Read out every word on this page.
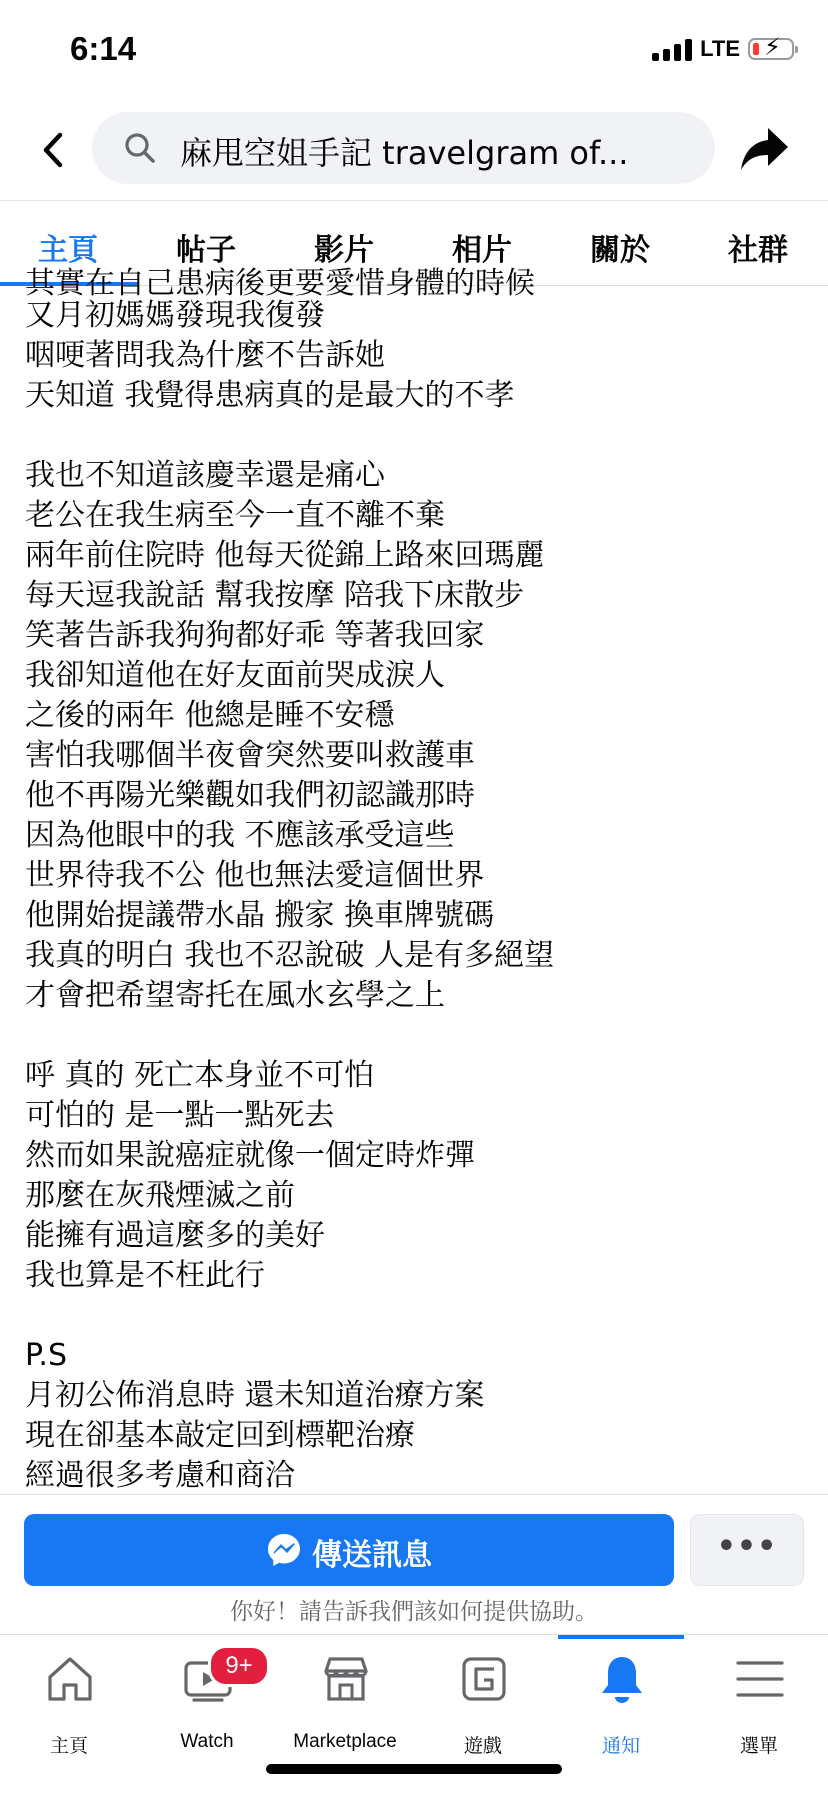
6:14	LTE ⚡
麻甩空姐手記 travelgram of...
主頁	帖子	影片	相片	關於	社群
其實在自己患病後更要愛惜身體的時候
又月初媽媽發現我復發
咽哽著問我為什麼不告訴她
天知道 我覺得患病真的是最大的不孝
我也不知道該慶幸還是痛心
老公在我生病至今一直不離不棄
兩年前住院時 他每天從錦上路來回瑪麗
每天逗我說話 幫我按摩 陪我下床散步
笑著告訴我狗狗都好乖 等著我回家
我卻知道他在好友面前哭成淚人
之後的兩年 他總是睡不安穩
害怕我哪個半夜會突然要叫救護車
他不再陽光樂觀如我們初認識那時
因為他眼中的我 不應該承受這些
世界待我不公 他也無法愛這個世界
他開始提議帶水晶 搬家 換車牌號碼
我真的明白 我也不忍說破 人是有多絕望
才會把希望寄托在風水玄學之上
呼 真的 死亡本身並不可怕
可怕的 是一點一點死去
然而如果說癌症就像一個定時炸彈
那麼在灰飛煙滅之前
能擁有過這麼多的美好
我也算是不枉此行
P.S
月初公佈消息時 還未知道治療方案
現在卻基本敲定回到標靶治療
經過很多考慮和商洽
傳送訊息	•••
你好！請告訴我們該如何提供協助。
主頁	Watch
9+
Marketplace	遊戲	通知	選單
